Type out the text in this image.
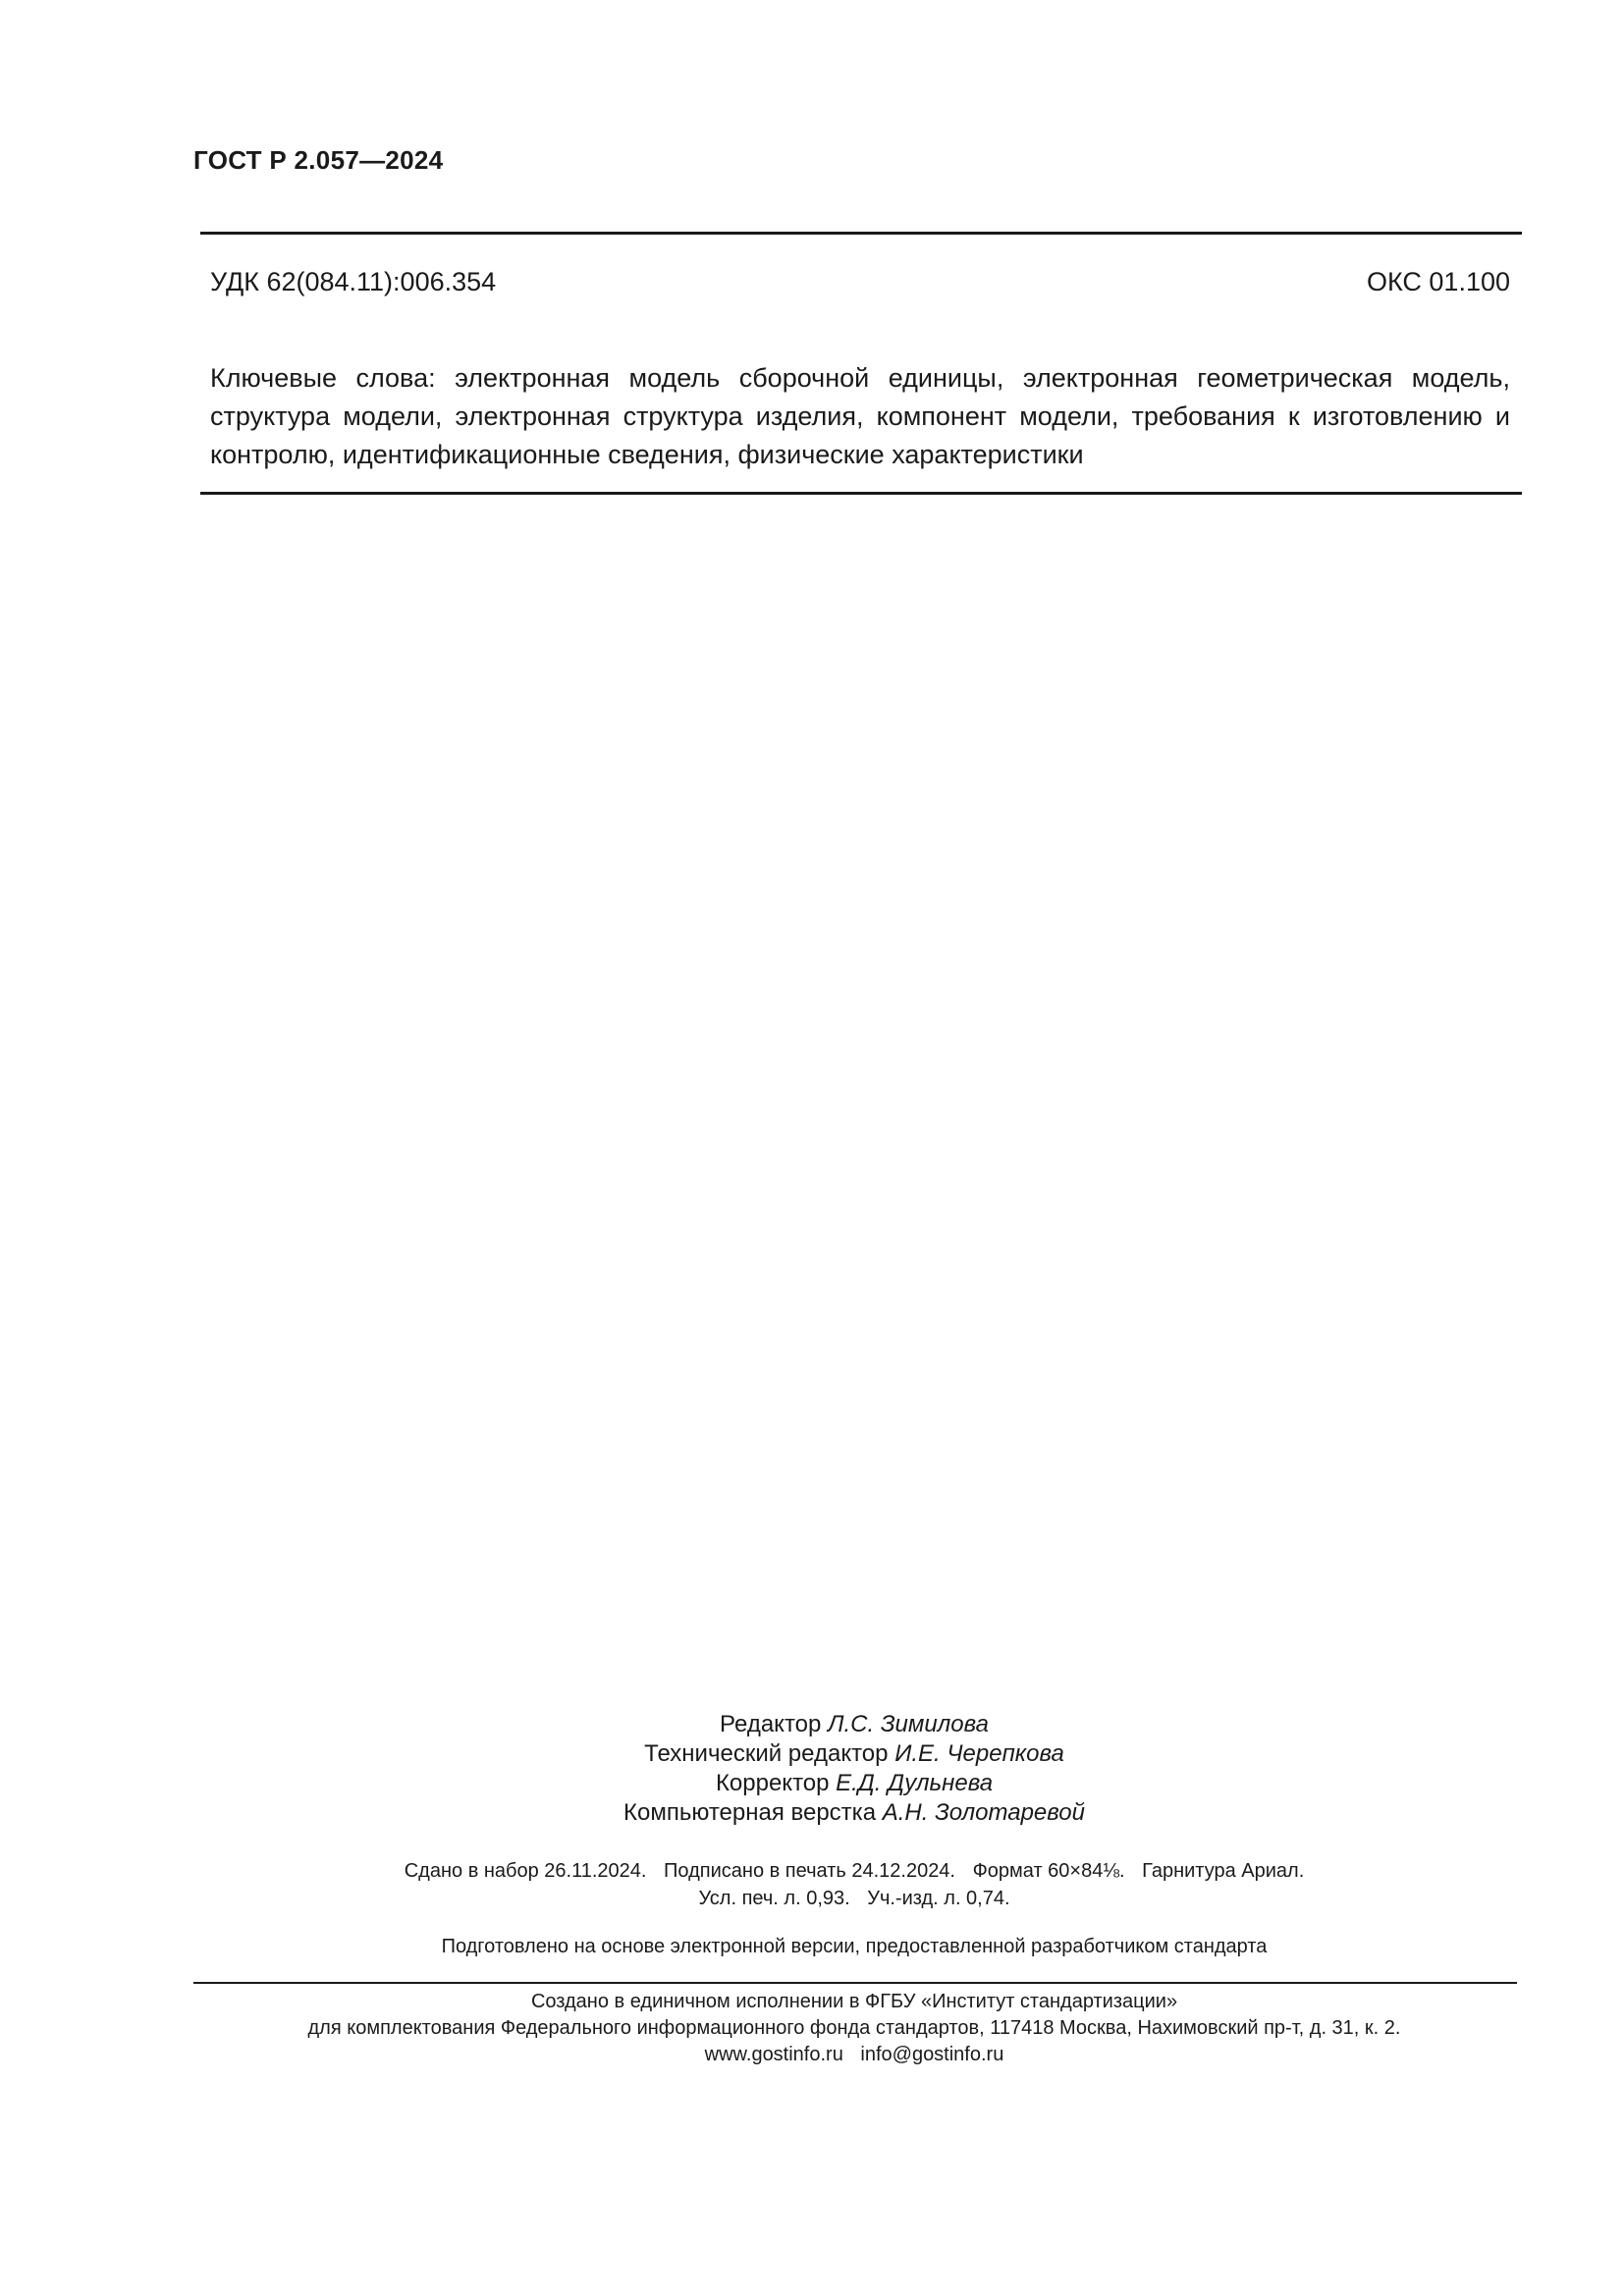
ГОСТ Р 2.057—2024
УДК 62(084.11):006.354	ОКС 01.100
Ключевые слова: электронная модель сборочной единицы, электронная геометрическая модель, структура модели, электронная структура изделия, компонент модели, требования к изготовлению и контролю, идентификационные сведения, физические характеристики
Редактор Л.С. Зимилова
Технический редактор И.Е. Черепкова
Корректор Е.Д. Дульнева
Компьютерная верстка А.Н. Золотаревой
Сдано в набор 26.11.2024. Подписано в печать 24.12.2024. Формат 60×84⅛. Гарнитура Ариал.
Усл. печ. л. 0,93. Уч.-изд. л. 0,74.
Подготовлено на основе электронной версии, предоставленной разработчиком стандарта
Создано в единичном исполнении в ФГБУ «Институт стандартизации»
для комплектования Федерального информационного фонда стандартов, 117418 Москва, Нахимовский пр-т, д. 31, к. 2.
www.gostinfo.ru info@gostinfo.ru
